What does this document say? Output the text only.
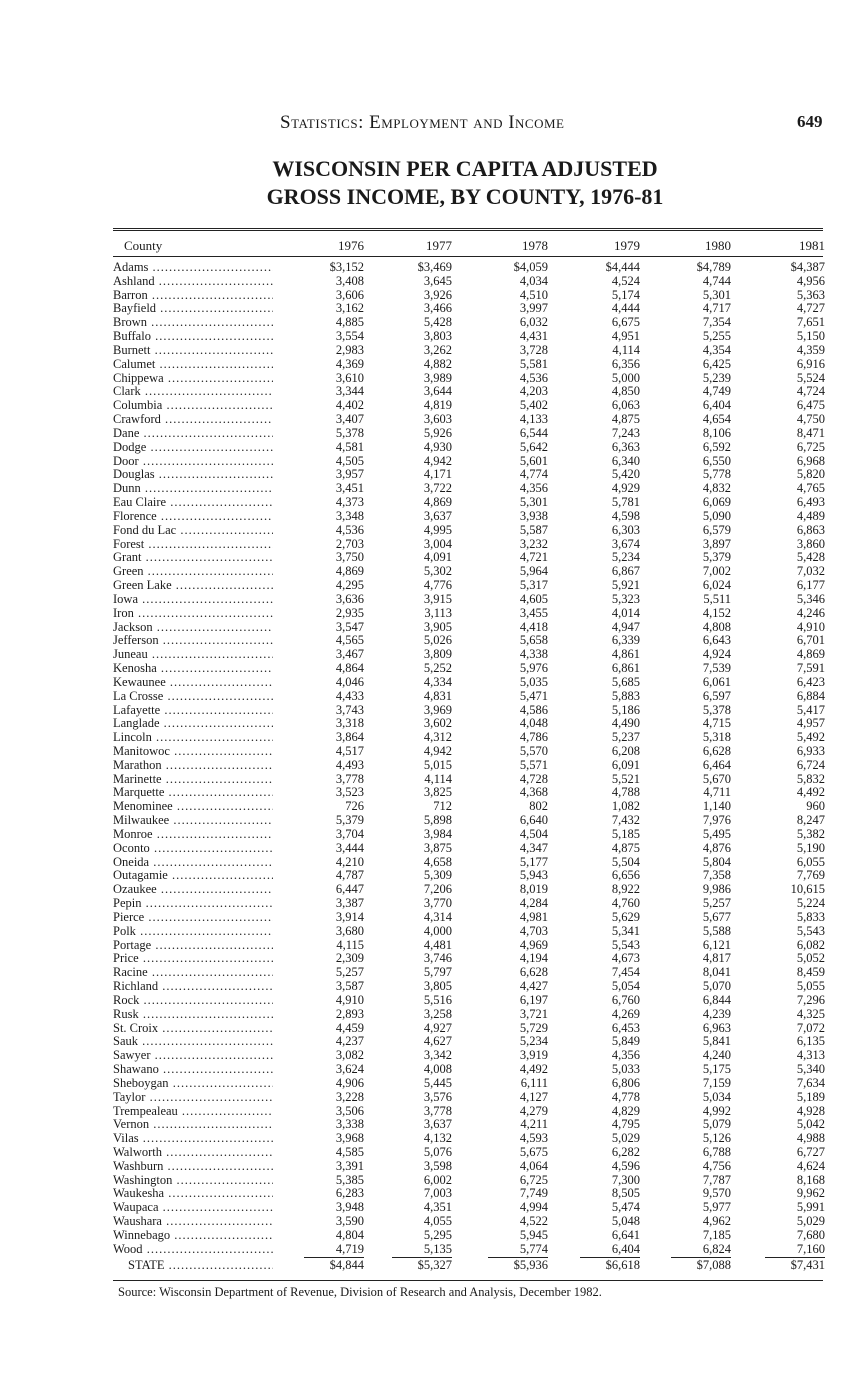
Statistics: Employment and Income	649
WISCONSIN PER CAPITA ADJUSTED
GROSS INCOME, BY COUNTY, 1976-81
County	1976	1977	1978	1979	1980	1981
Adams .....	$3,152	$3,469	$4,059	$4,444	$4,789	$4,387
Ashland .....	3,408	3,645	4,034	4,524	4,744	4,956
Barron .....	3,606	3,926	4,510	5,174	5,301	5,363
Bayfield .....	3,162	3,466	3,997	4,444	4,717	4,727
Brown .....	4,885	5,428	6,032	6,675	7,354	7,651
Buffalo .....	3,554	3,803	4,431	4,951	5,255	5,150
Burnett .....	2,983	3,262	3,728	4,114	4,354	4,359
Calumet .....	4,369	4,882	5,581	6,356	6,425	6,916
Chippewa .....	3,610	3,989	4,536	5,000	5,239	5,524
Clark .....	3,344	3,644	4,203	4,850	4,749	4,724
Columbia .....	4,402	4,819	5,402	6,063	6,404	6,475
Crawford .....	3,407	3,603	4,133	4,875	4,654	4,750
Dane .....	5,378	5,926	6,544	7,243	8,106	8,471
Dodge .....	4,581	4,930	5,642	6,363	6,592	6,725
Door .....	4,505	4,942	5,601	6,340	6,550	6,968
Douglas .....	3,957	4,171	4,774	5,420	5,778	5,820
Dunn .....	3,451	3,722	4,356	4,929	4,832	4,765
Eau Claire .....	4,373	4,869	5,301	5,781	6,069	6,493
Florence .....	3,348	3,637	3,938	4,598	5,090	4,489
Fond du Lac .....	4,536	4,995	5,587	6,303	6,579	6,863
Forest .....	2,703	3,004	3,232	3,674	3,897	3,860
Grant .....	3,750	4,091	4,721	5,234	5,379	5,428
Green .....	4,869	5,302	5,964	6,867	7,002	7,032
Green Lake .....	4,295	4,776	5,317	5,921	6,024	6,177
Iowa .....	3,636	3,915	4,605	5,323	5,511	5,346
Iron .....	2,935	3,113	3,455	4,014	4,152	4,246
Jackson .....	3,547	3,905	4,418	4,947	4,808	4,910
Jefferson .....	4,565	5,026	5,658	6,339	6,643	6,701
Juneau .....	3,467	3,809	4,338	4,861	4,924	4,869
Kenosha .....	4,864	5,252	5,976	6,861	7,539	7,591
Kewaunee .....	4,046	4,334	5,035	5,685	6,061	6,423
La Crosse .....	4,433	4,831	5,471	5,883	6,597	6,884
Lafayette .....	3,743	3,969	4,586	5,186	5,378	5,417
Langlade .....	3,318	3,602	4,048	4,490	4,715	4,957
Lincoln .....	3,864	4,312	4,786	5,237	5,318	5,492
Manitowoc .....	4,517	4,942	5,570	6,208	6,628	6,933
Marathon .....	4,493	5,015	5,571	6,091	6,464	6,724
Marinette .....	3,778	4,114	4,728	5,521	5,670	5,832
Marquette .....	3,523	3,825	4,368	4,788	4,711	4,492
Menominee .....	726	712	802	1,082	1,140	960
Milwaukee .....	5,379	5,898	6,640	7,432	7,976	8,247
Monroe .....	3,704	3,984	4,504	5,185	5,495	5,382
Oconto .....	3,444	3,875	4,347	4,875	4,876	5,190
Oneida .....	4,210	4,658	5,177	5,504	5,804	6,055
Outagamie .....	4,787	5,309	5,943	6,656	7,358	7,769
Ozaukee .....	6,447	7,206	8,019	8,922	9,986	10,615
Pepin .....	3,387	3,770	4,284	4,760	5,257	5,224
Pierce .....	3,914	4,314	4,981	5,629	5,677	5,833
Polk .....	3,680	4,000	4,703	5,341	5,588	5,543
Portage .....	4,115	4,481	4,969	5,543	6,121	6,082
Price .....	2,309	3,746	4,194	4,673	4,817	5,052
Racine .....	5,257	5,797	6,628	7,454	8,041	8,459
Richland .....	3,587	3,805	4,427	5,054	5,070	5,055
Rock .....	4,910	5,516	6,197	6,760	6,844	7,296
Rusk .....	2,893	3,258	3,721	4,269	4,239	4,325
St. Croix .....	4,459	4,927	5,729	6,453	6,963	7,072
Sauk .....	4,237	4,627	5,234	5,849	5,841	6,135
Sawyer .....	3,082	3,342	3,919	4,356	4,240	4,313
Shawano .....	3,624	4,008	4,492	5,033	5,175	5,340
Sheboygan .....	4,906	5,445	6,111	6,806	7,159	7,634
Taylor .....	3,228	3,576	4,127	4,778	5,034	5,189
Trempealeau .....	3,506	3,778	4,279	4,829	4,992	4,928
Vernon .....	3,338	3,637	4,211	4,795	5,079	5,042
Vilas .....	3,968	4,132	4,593	5,029	5,126	4,988
Walworth .....	4,585	5,076	5,675	6,282	6,788	6,727
Washburn .....	3,391	3,598	4,064	4,596	4,756	4,624
Washington .....	5,385	6,002	6,725	7,300	7,787	8,168
Waukesha .....	6,283	7,003	7,749	8,505	9,570	9,962
Waupaca .....	3,948	4,351	4,994	5,474	5,977	5,991
Waushara .....	3,590	4,055	4,522	5,048	4,962	5,029
Winnebago .....	4,804	5,295	5,945	6,641	7,185	7,680
Wood .....	4,719	5,135	5,774	6,404	6,824	7,160
STATE .....	$4,844	$5,327	$5,936	$6,618	$7,088	$7,431
Source: Wisconsin Department of Revenue, Division of Research and Analysis, December 1982.
